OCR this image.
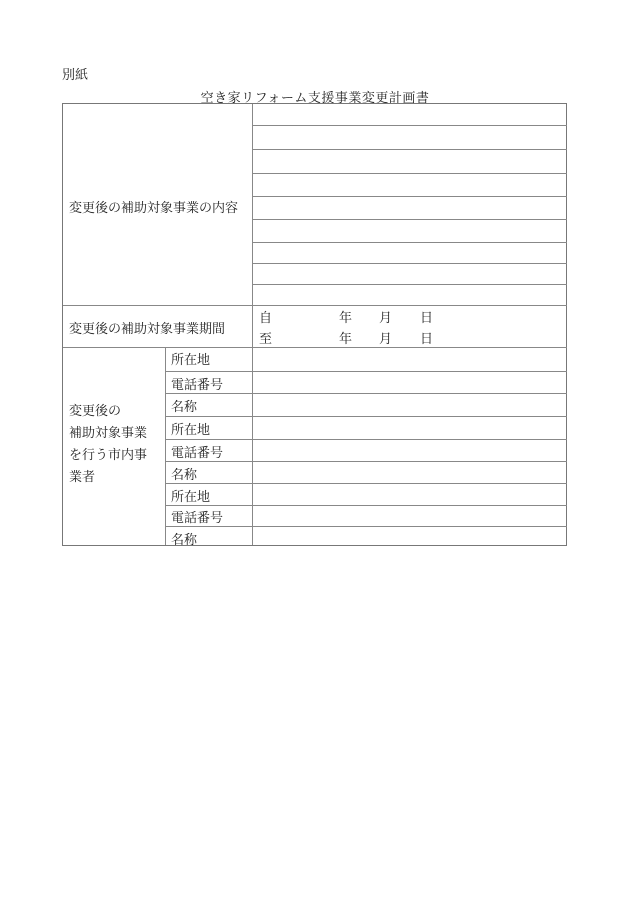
別紙
空き家リフォーム支援事業変更計画書
変更後の補助対象事業の内容
変更後の補助対象事業期間
自	年 月 日
至	年 月 日
変更後の
補助対象事業
を行う市内事
業者
所在地
電話番号
名称
所在地
電話番号
名称
所在地
電話番号
名称
